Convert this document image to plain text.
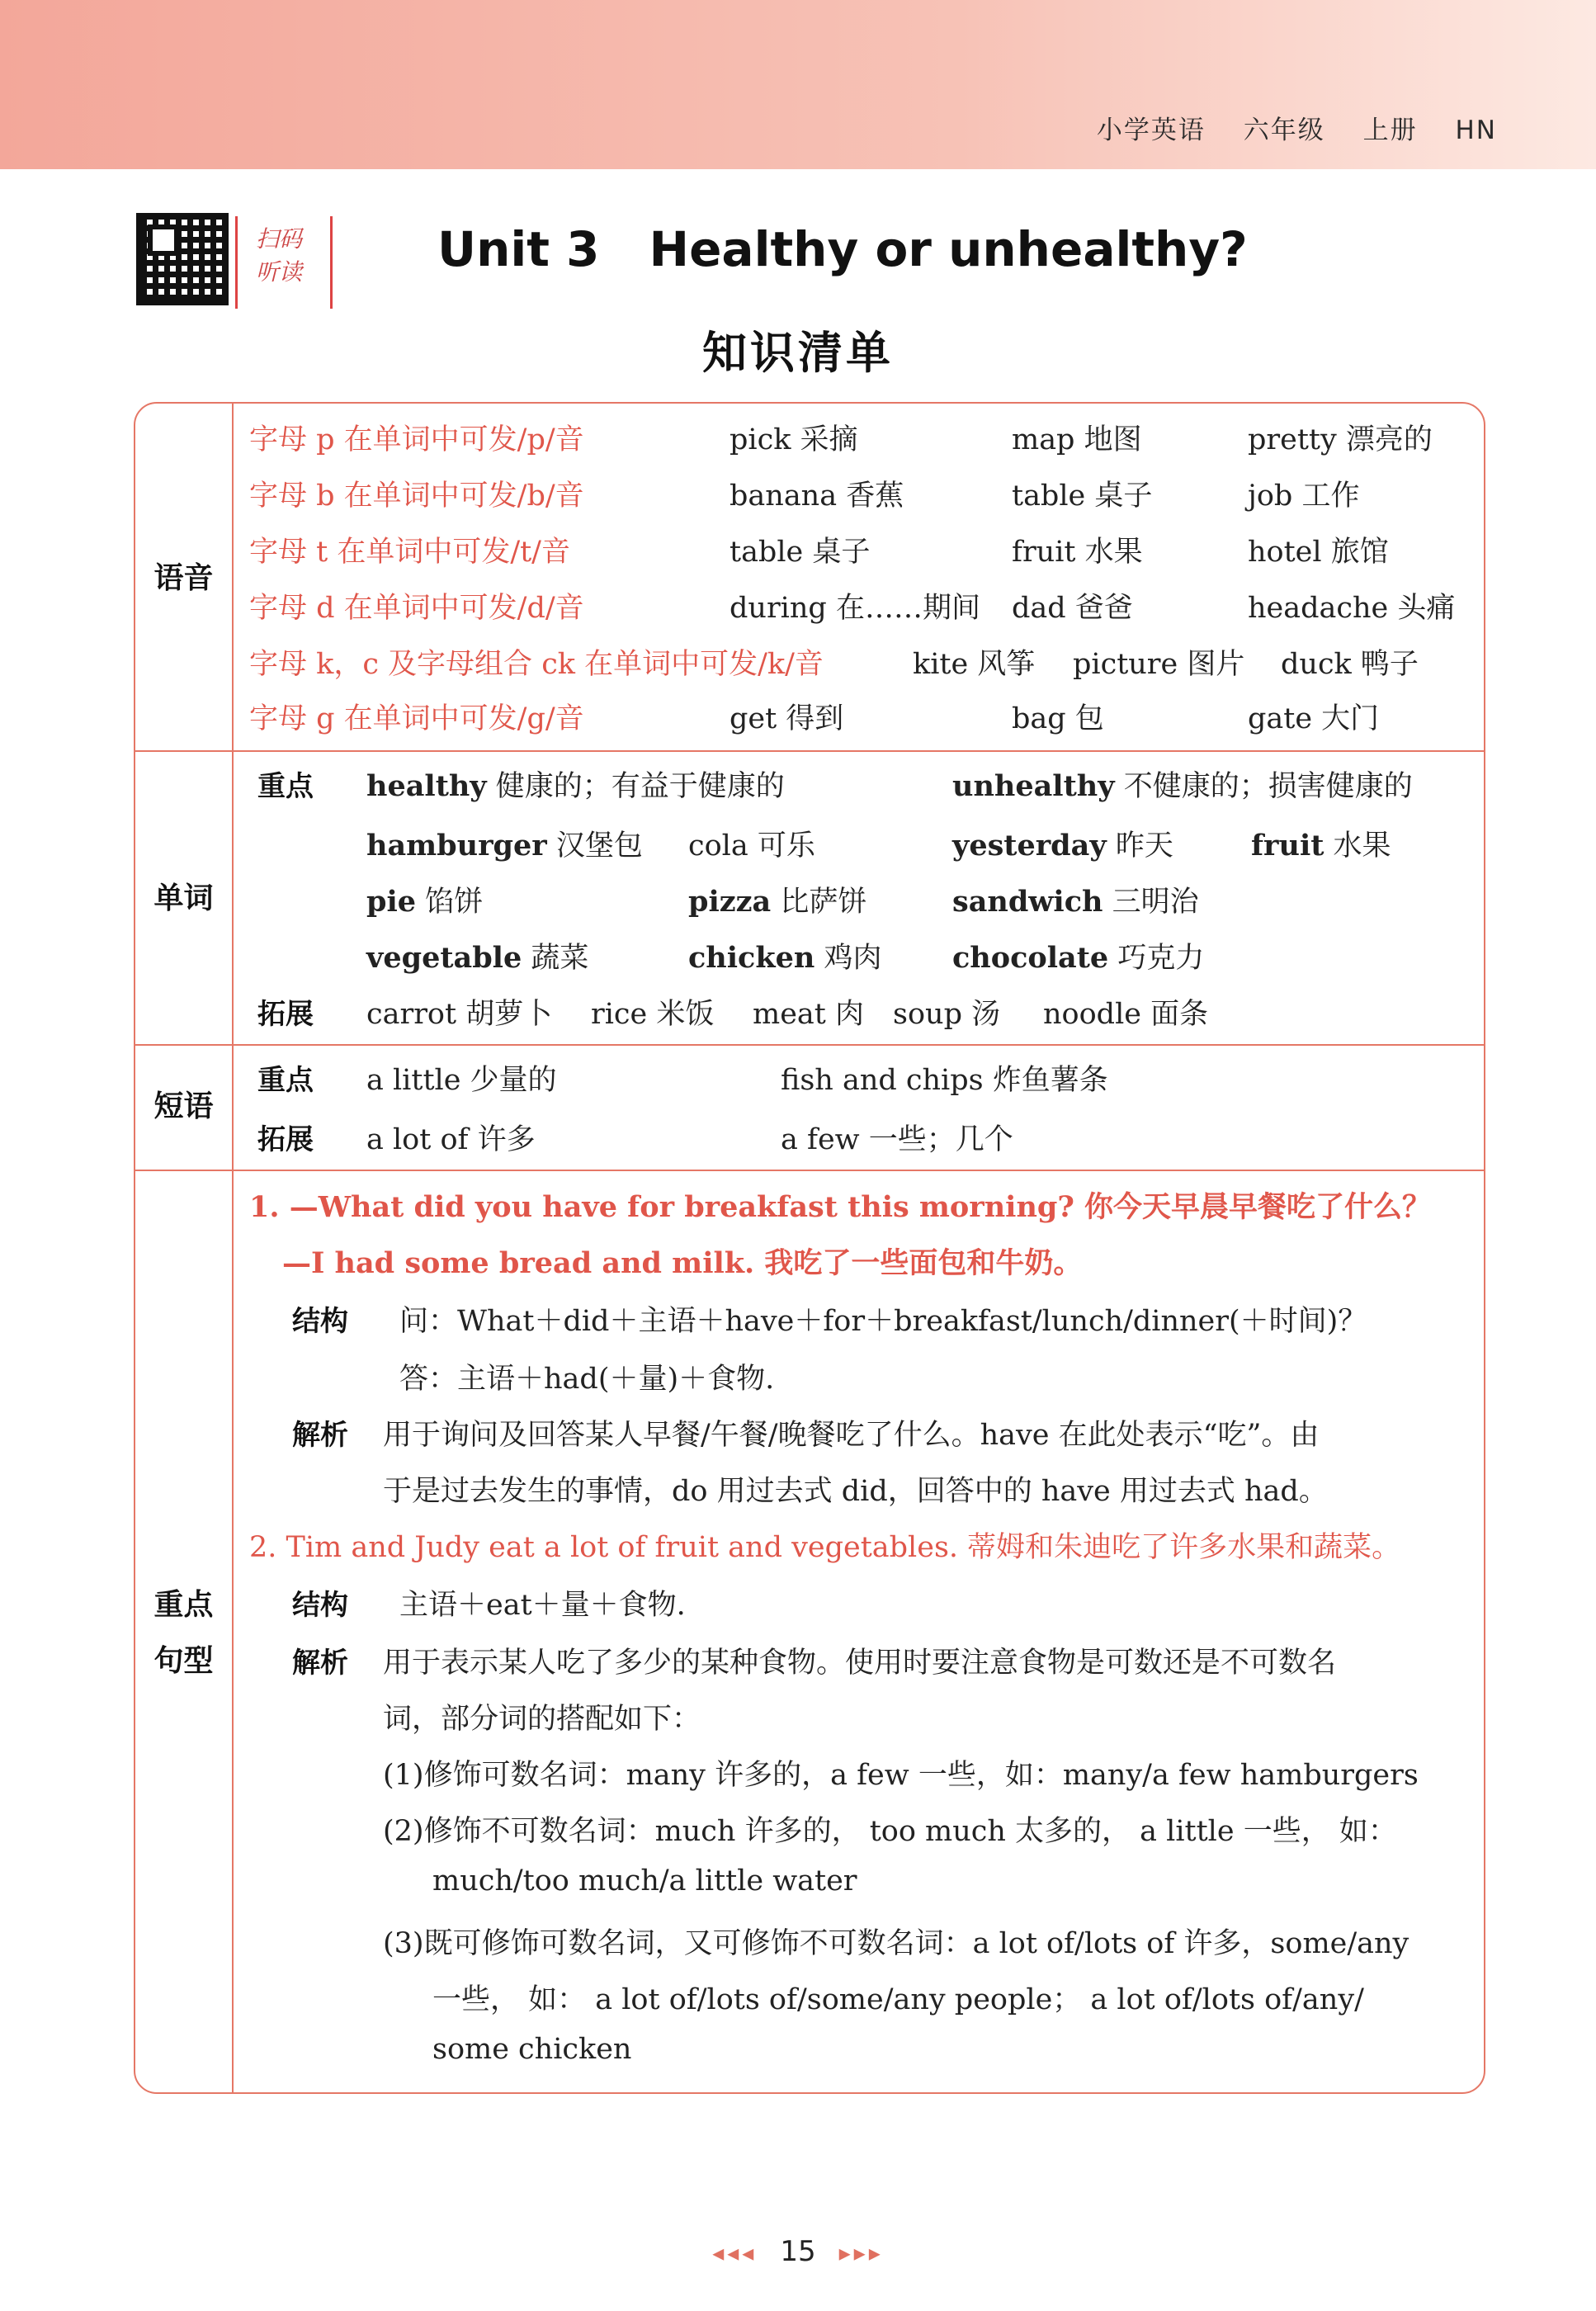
小学英语 六年级 上册 HN
扫码
听读	Unit 3 Healthy or unhealthy?
知识清单
语音
字母 p 在单词中可发/p/音	pick 采摘	map 地图	pretty 漂亮的
字母 b 在单词中可发/b/音	banana 香蕉	table 桌子	job 工作
字母 t 在单词中可发/t/音	table 桌子	fruit 水果	hotel 旅馆
字母 d 在单词中可发/d/音	during 在……期间 dad 爸爸	headache 头痛
字母 k，c 及字母组合 ck 在单词中可发/k/音	kite 风筝 picture 图片 duck 鸭子
字母 g 在单词中可发/g/音	get 得到	bag 包	gate 大门
单词
重点 healthy 健康的；有益于健康的	unhealthy 不健康的；损害健康的
hamburger 汉堡包 cola 可乐	yesterday 昨天	fruit 水果
pie 馅饼	pizza 比萨饼	sandwich 三明治
vegetable 蔬菜	chicken 鸡肉 chocolate 巧克力
拓展 carrot 胡萝卜 rice 米饭 meat 肉 soup 汤 noodle 面条
短语
重点 a little 少量的	fish and chips 炸鱼薯条
拓展 a lot of 许多	a few 一些；几个
重点
句型
1. —What did you have for breakfast this morning? 你今天早晨早餐吃了什么？
—I had some bread and milk. 我吃了一些面包和牛奶。
结构 问：What＋did＋主语＋have＋for＋breakfast/lunch/dinner(＋时间)？
答：主语＋had(＋量)＋食物.
解析 用于询问及回答某人早餐/午餐/晚餐吃了什么。have 在此处表示“吃”。由
于是过去发生的事情，do 用过去式 did，回答中的 have 用过去式 had。
2. Tim and Judy eat a lot of fruit and vegetables. 蒂姆和朱迪吃了许多水果和蔬菜。
结构 主语＋eat＋量＋食物.
解析 用于表示某人吃了多少的某种食物。使用时要注意食物是可数还是不可数名
词，部分词的搭配如下：
(1)修饰可数名词：many 许多的，a few 一些，如：many/a few hamburgers
(2)修饰不可数名词：much 许多的， too much 太多的， a little 一些， 如：
much/too much/a little water
(3)既可修饰可数名词，又可修饰不可数名词：a lot of/lots of 许多，some/any
一些， 如： a lot of/lots of/some/any people； a lot of/lots of/any/
some chicken
◂◂◂ 15 ▸▸▸
